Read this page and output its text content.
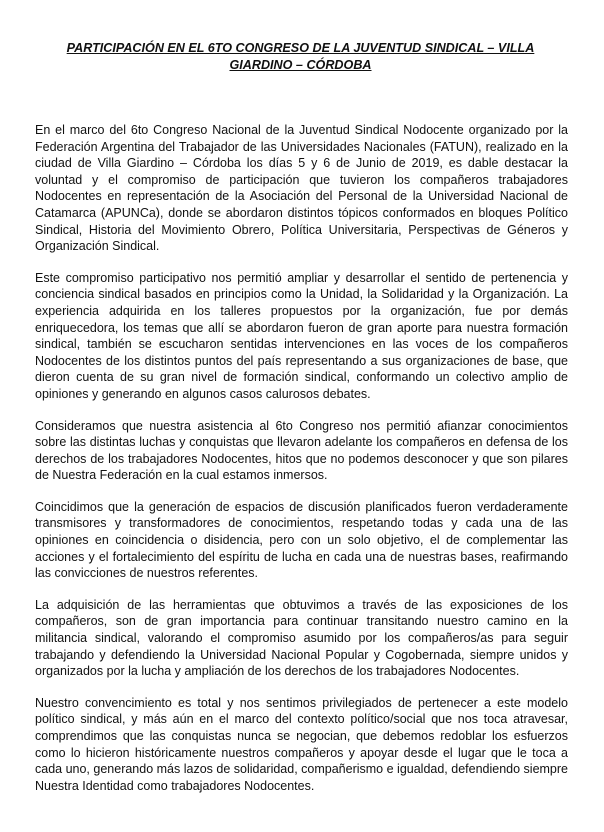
PARTICIPACIÓN EN EL 6TO CONGRESO DE LA JUVENTUD SINDICAL – VILLA GIARDINO – CÓRDOBA

En el marco del 6to Congreso Nacional de la Juventud Sindical Nodocente organizado por la Federación Argentina del Trabajador de las Universidades Nacionales (FATUN), realizado en la ciudad de Villa Giardino – Córdoba los días 5 y 6 de Junio de 2019, es dable destacar la voluntad y el compromiso de participación que tuvieron los compañeros trabajadores Nodocentes en representación de la Asociación del Personal de la Universidad Nacional de Catamarca (APUNCa), donde se abordaron distintos tópicos conformados en bloques Político Sindical, Historia del Movimiento Obrero, Política Universitaria, Perspectivas de Géneros y Organización Sindical.

Este compromiso participativo nos permitió ampliar y desarrollar el sentido de pertenencia y conciencia sindical basados en principios como la Unidad, la Solidaridad y la Organización. La experiencia adquirida en los talleres propuestos por la organización, fue por demás enriquecedora, los temas que allí se abordaron fueron de gran aporte para nuestra formación sindical, también se escucharon sentidas intervenciones en las voces de los compañeros Nodocentes de los distintos puntos del país representando a sus organizaciones de base, que dieron cuenta de su gran nivel de formación sindical, conformando un colectivo amplio de opiniones y generando en algunos casos calurosos debates.

Consideramos que nuestra asistencia al 6to Congreso nos permitió afianzar conocimientos sobre las distintas luchas y conquistas que llevaron adelante los compañeros en defensa de los derechos de los trabajadores Nodocentes, hitos que no podemos desconocer y que son pilares de Nuestra Federación en la cual estamos inmersos.

Coincidimos que la generación de espacios de discusión planificados fueron verdaderamente transmisores y transformadores de conocimientos, respetando todas y cada una de las opiniones en coincidencia o disidencia, pero con un solo objetivo, el de complementar las acciones y el fortalecimiento del espíritu de lucha en cada una de nuestras bases, reafirmando las convicciones de nuestros referentes.

La adquisición de las herramientas que obtuvimos a través de las exposiciones de los compañeros, son de gran importancia para continuar transitando nuestro camino en la militancia sindical, valorando el compromiso asumido por los compañeros/as para seguir trabajando y defendiendo la Universidad Nacional Popular y Cogobernada, siempre unidos y organizados por la lucha y ampliación de los derechos de los trabajadores Nodocentes.

Nuestro convencimiento es total y nos sentimos privilegiados de pertenecer a este modelo político sindical, y más aún en el marco del contexto político/social que nos toca atravesar, comprendimos que las conquistas nunca se negocian, que debemos redoblar los esfuerzos como lo hicieron históricamente nuestros compañeros y apoyar desde el lugar que le toca a cada uno, generando más lazos de solidaridad, compañerismo e igualdad, defendiendo siempre Nuestra Identidad como trabajadores Nodocentes.
